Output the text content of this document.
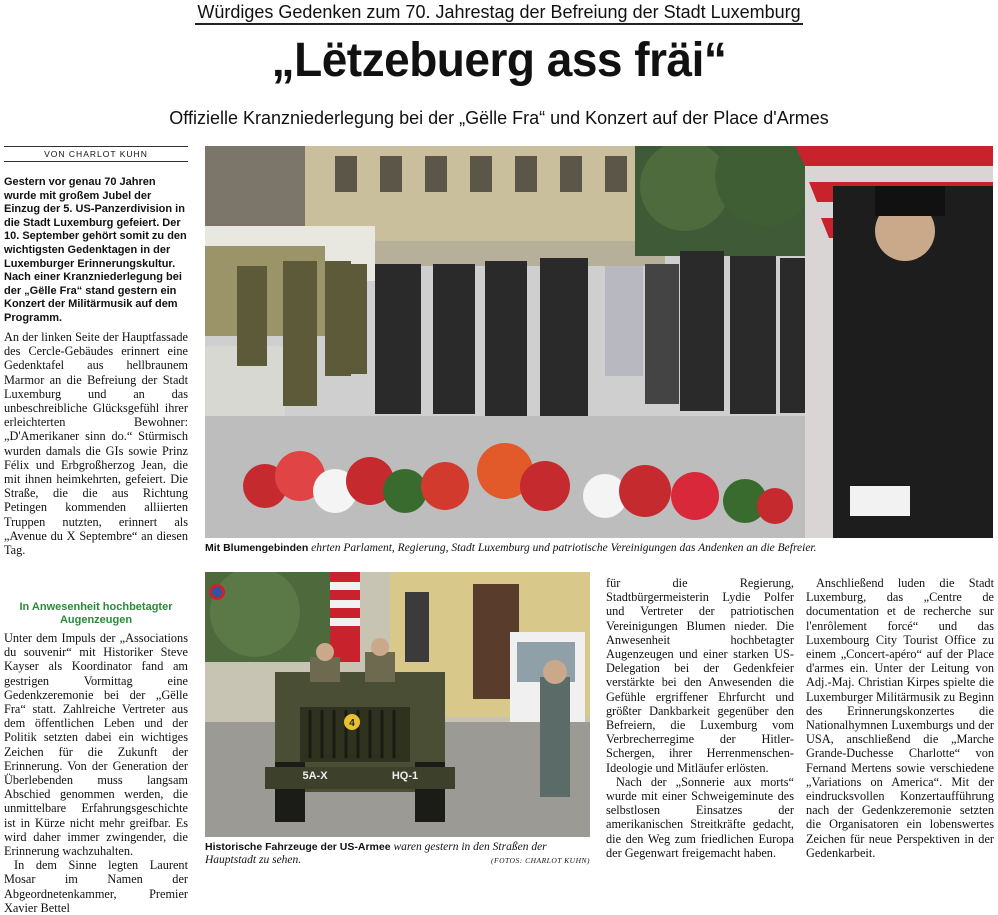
Würdiges Gedenken zum 70. Jahrestag der Befreiung der Stadt Luxemburg
„Lëtzebuerg ass fräi“
Offizielle Kranzniederlegung bei der „Gëlle Fra“ und Konzert auf der Place d'Armes
VON CHARLOT KUHN
Gestern vor genau 70 Jahren wurde mit großem Jubel der Einzug der 5. US-Panzerdivision in die Stadt Luxemburg gefeiert. Der 10. September gehört somit zu den wichtigsten Gedenktagen in der Luxemburger Erinnerungskultur. Nach einer Kranzniederlegung bei der „Gëlle Fra“ stand gestern ein Konzert der Militärmusik auf dem Programm.

An der linken Seite der Hauptfassade des Cercle-Gebäudes erinnert eine Gedenktafel aus hellbraunem Marmor an die Befreiung der Stadt Luxemburg und an das unbeschreibliche Glücksgefühl ihrer erleichterten Bewohner: „D'Amerikaner sinn do.“ Stürmisch wurden damals die GIs sowie Prinz Félix und Erbgroßherzog Jean, die mit ihnen heimkehrten, gefeiert. Die Straße, die die aus Richtung Petingen kommenden alliierten Truppen nutzten, erinnert als „Avenue du X Septembre“ an diesen Tag.

In Anwesenheit hochbetagter Augenzeugen

Unter dem Impuls der „Associations du souvenir“ mit Historiker Steve Kayser als Koordinator fand am gestrigen Vormittag eine Gedenkzeremonie bei der „Gëlle Fra“ statt. Zahlreiche Vertreter aus dem öffentlichen Leben und der Politik setzten dabei ein wichtiges Zeichen für die Zukunft der Erinnerung. Von der Generation der Überlebenden muss langsam Abschied genommen werden, die unmittelbare Erfahrungsgeschichte ist in Kürze nicht mehr greifbar. Es wird daher immer zwingender, die Erinnerung wachzuhalten.

In dem Sinne legten Laurent Mosar im Namen der Abgeordnetenkammer, Premier Xavier Bettel

Mit Blumengebinden ehrten Parlament, Regierung, Stadt Luxemburg und patriotische Vereinigungen das Andenken an die Befreier.
4
5A-X	HQ-1
Historische Fahrzeuge der US-Armee waren gestern in den Straßen der Hauptstadt zu sehen.	(FOTOS: CHARLOT KUHN)

für die Regierung, Stadtbürgermeisterin Lydie Polfer und Vertreter der patriotischen Vereinigungen Blumen nieder. Die Anwesenheit hochbetagter Augenzeugen und einer starken US-Delegation bei der Gedenkfeier verstärkte bei den Anwesenden die Gefühle ergriffener Ehrfurcht und größter Dankbarkeit gegenüber den Befreiern, die Luxemburg vom Verbrecherregime der Hitler-Schergen, ihrer Herrenmenschen-Ideologie und Mitläufer erlösten.

Nach der „Sonnerie aux morts“ wurde mit einer Schweigeminute des selbstlosen Einsatzes der amerikanischen Streitkräfte gedacht, die den Weg zum friedlichen Europa der Gegenwart freigemacht haben.

Anschließend luden die Stadt Luxemburg, das „Centre de documentation et de recherche sur l'enrôlement forcé“ und das Luxembourg City Tourist Office zu einem „Concert-apéro“ auf der Place d'armes ein. Unter der Leitung von Adj.-Maj. Christian Kirpes spielte die Luxemburger Militärmusik zu Beginn des Erinnerungskonzertes die Nationalhymnen Luxemburgs und der USA, anschließend die „Marche Grande-Duchesse Charlotte“ von Fernand Mertens sowie verschiedene „Variations on America“. Mit der eindrucksvollen Konzertaufführung nach der Gedenkzeremonie setzten die Organisatoren ein lobenswertes Zeichen für neue Perspektiven in der Gedenkarbeit.
